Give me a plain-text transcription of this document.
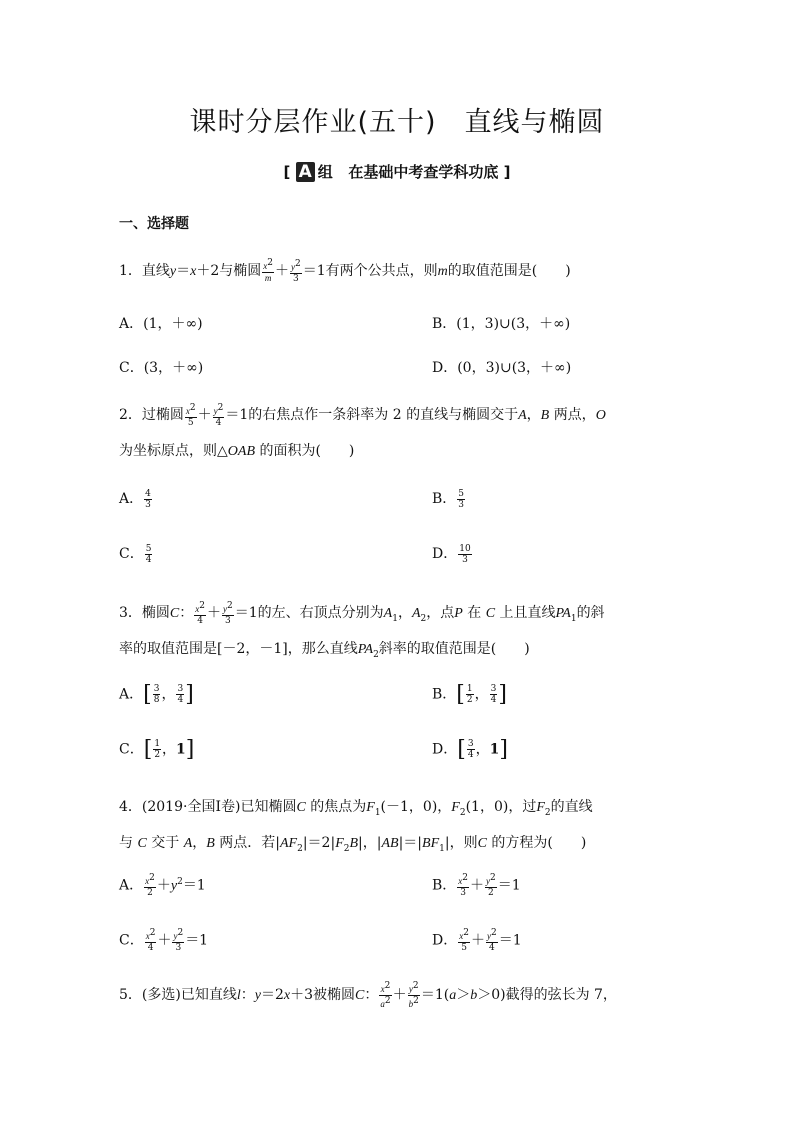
课时分层作业(五十) 直线与椭圆
[ A 组 在基础中考查学科功底 ]
一、选择题
1．直线y＝x＋2与椭圆 $\frac{x^2}{m} + \frac{y^2}{3} =1$有两个公共点，则m的取值范围是(　　)
A．(1，＋∞)	B．(1，3)∪(3，＋∞)
C．(3，＋∞)	D．(0，3)∪(3，＋∞)
2．过椭圆 $\frac{x^2}{5} + \frac{y^2}{4} =1$的右焦点作一条斜率为 2 的直线与椭圆交于A，B 两点，O
为坐标原点，则△OAB 的面积为(　　)
A． $\frac{4}{3}$	B． $\frac{5}{3}$
C． $\frac{5}{4}$	D． $\frac{10}{3}$
3．椭圆C： $\frac{x^2}{4} + \frac{y^2}{3} =1$的左、右顶点分别为$A_1$，$A_2$，点P 在 C 上且直线$PA_1$的斜
率的取值范围是[－2，－1]，那么直线$PA_2$斜率的取值范围是(　　)
A．[ $\frac{3}{8}$ ， $\frac{3}{4}$ ]	B．[ $\frac{1}{2}$ ， $\frac{3}{4}$ ]
C．[ $\frac{1}{2}$ ，1]	D．[ $\frac{3}{4}$ ，1]
4．(2019·全国Ⅰ卷)已知椭圆C 的焦点为$F_1(-1$，0)，$F_2(1$，0)，过$F_2$的直线
与 C 交于 A，B 两点．若$|AF_2|=2|F_2B|$，$|AB|=|BF_1|$，则C 的方程为(　　)
A． $\frac{x^2}{2} +y^2=1$	B． $\frac{x^2}{3} + \frac{y^2}{2} =1$
C． $\frac{x^2}{4} + \frac{y^2}{3} =1$	D． $\frac{x^2}{5} + \frac{y^2}{4} =1$
5．(多选)已知直线l：y＝2x＋3被椭圆C： $\frac{x^2}{a^2} + \frac{y^2}{b^2} =1(a>b>0)$截得的弦长为 7，
